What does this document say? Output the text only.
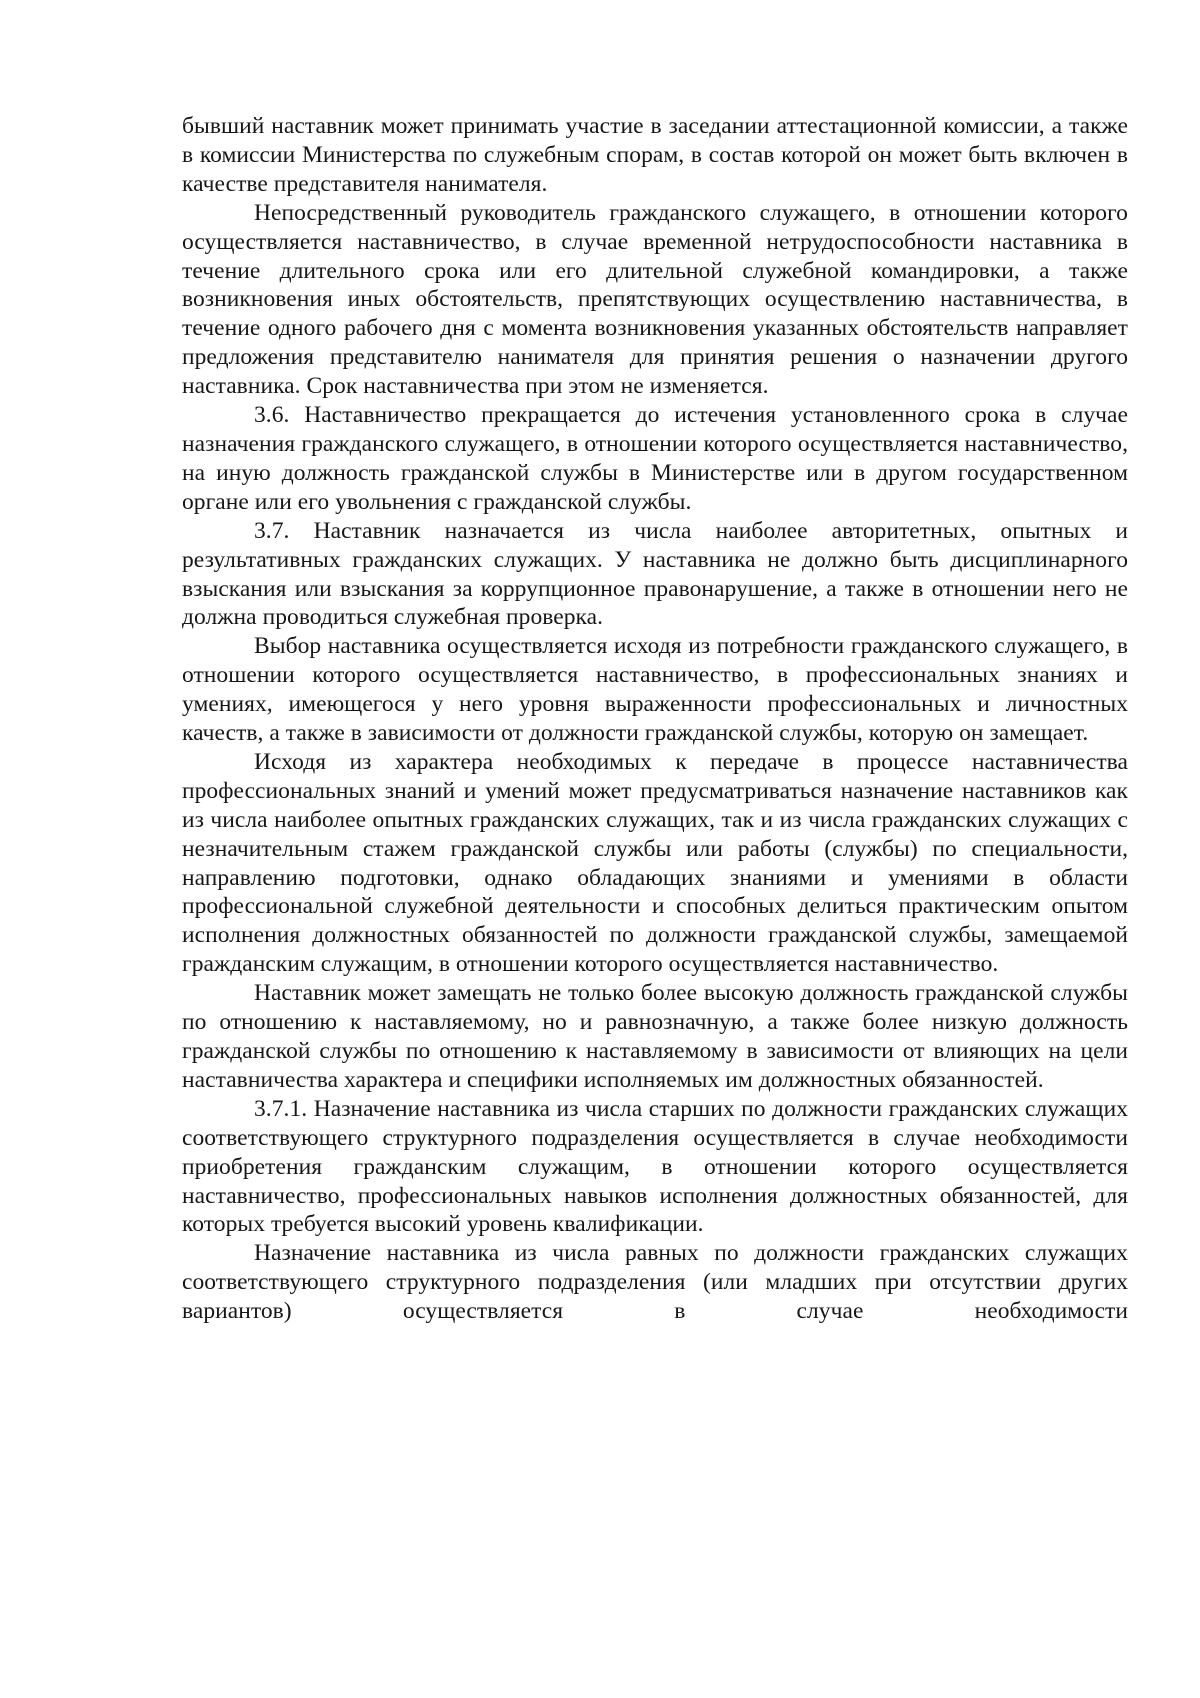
бывший наставник может принимать участие в заседании аттестационной комиссии, а также в комиссии Министерства по служебным спорам, в состав которой он может быть включен в качестве представителя нанимателя.

Непосредственный руководитель гражданского служащего, в отношении которого осуществляется наставничество, в случае временной нетрудоспособности наставника в течение длительного срока или его длительной служебной командировки, а также возникновения иных обстоятельств, препятствующих осуществлению наставничества, в течение одного рабочего дня с момента возникновения указанных обстоятельств направляет предложения представителю нанимателя для принятия решения о назначении другого наставника. Срок наставничества при этом не изменяется.

3.6. Наставничество прекращается до истечения установленного срока в случае назначения гражданского служащего, в отношении которого осуществляется наставничество, на иную должность гражданской службы в Министерстве или в другом государственном органе или его увольнения с гражданской службы.

3.7. Наставник назначается из числа наиболее авторитетных, опытных и результативных гражданских служащих. У наставника не должно быть дисциплинарного взыскания или взыскания за коррупционное правонарушение, а также в отношении него не должна проводиться служебная проверка.

Выбор наставника осуществляется исходя из потребности гражданского служащего, в отношении которого осуществляется наставничество, в профессиональных знаниях и умениях, имеющегося у него уровня выраженности профессиональных и личностных качеств, а также в зависимости от должности гражданской службы, которую он замещает.

Исходя из характера необходимых к передаче в процессе наставничества профессиональных знаний и умений может предусматриваться назначение наставников как из числа наиболее опытных гражданских служащих, так и из числа гражданских служащих с незначительным стажем гражданской службы или работы (службы) по специальности, направлению подготовки, однако обладающих знаниями и умениями в области профессиональной служебной деятельности и способных делиться практическим опытом исполнения должностных обязанностей по должности гражданской службы, замещаемой гражданским служащим, в отношении которого осуществляется наставничество.

Наставник может замещать не только более высокую должность гражданской службы по отношению к наставляемому, но и равнозначную, а также более низкую должность гражданской службы по отношению к наставляемому в зависимости от влияющих на цели наставничества характера и специфики исполняемых им должностных обязанностей.

3.7.1. Назначение наставника из числа старших по должности гражданских служащих соответствующего структурного подразделения осуществляется в случае необходимости приобретения гражданским служащим, в отношении которого осуществляется наставничество, профессиональных навыков исполнения должностных обязанностей, для которых требуется высокий уровень квалификации.

Назначение наставника из числа равных по должности гражданских служащих соответствующего структурного подразделения (или младших при отсутствии других вариантов) осуществляется в случае необходимости
